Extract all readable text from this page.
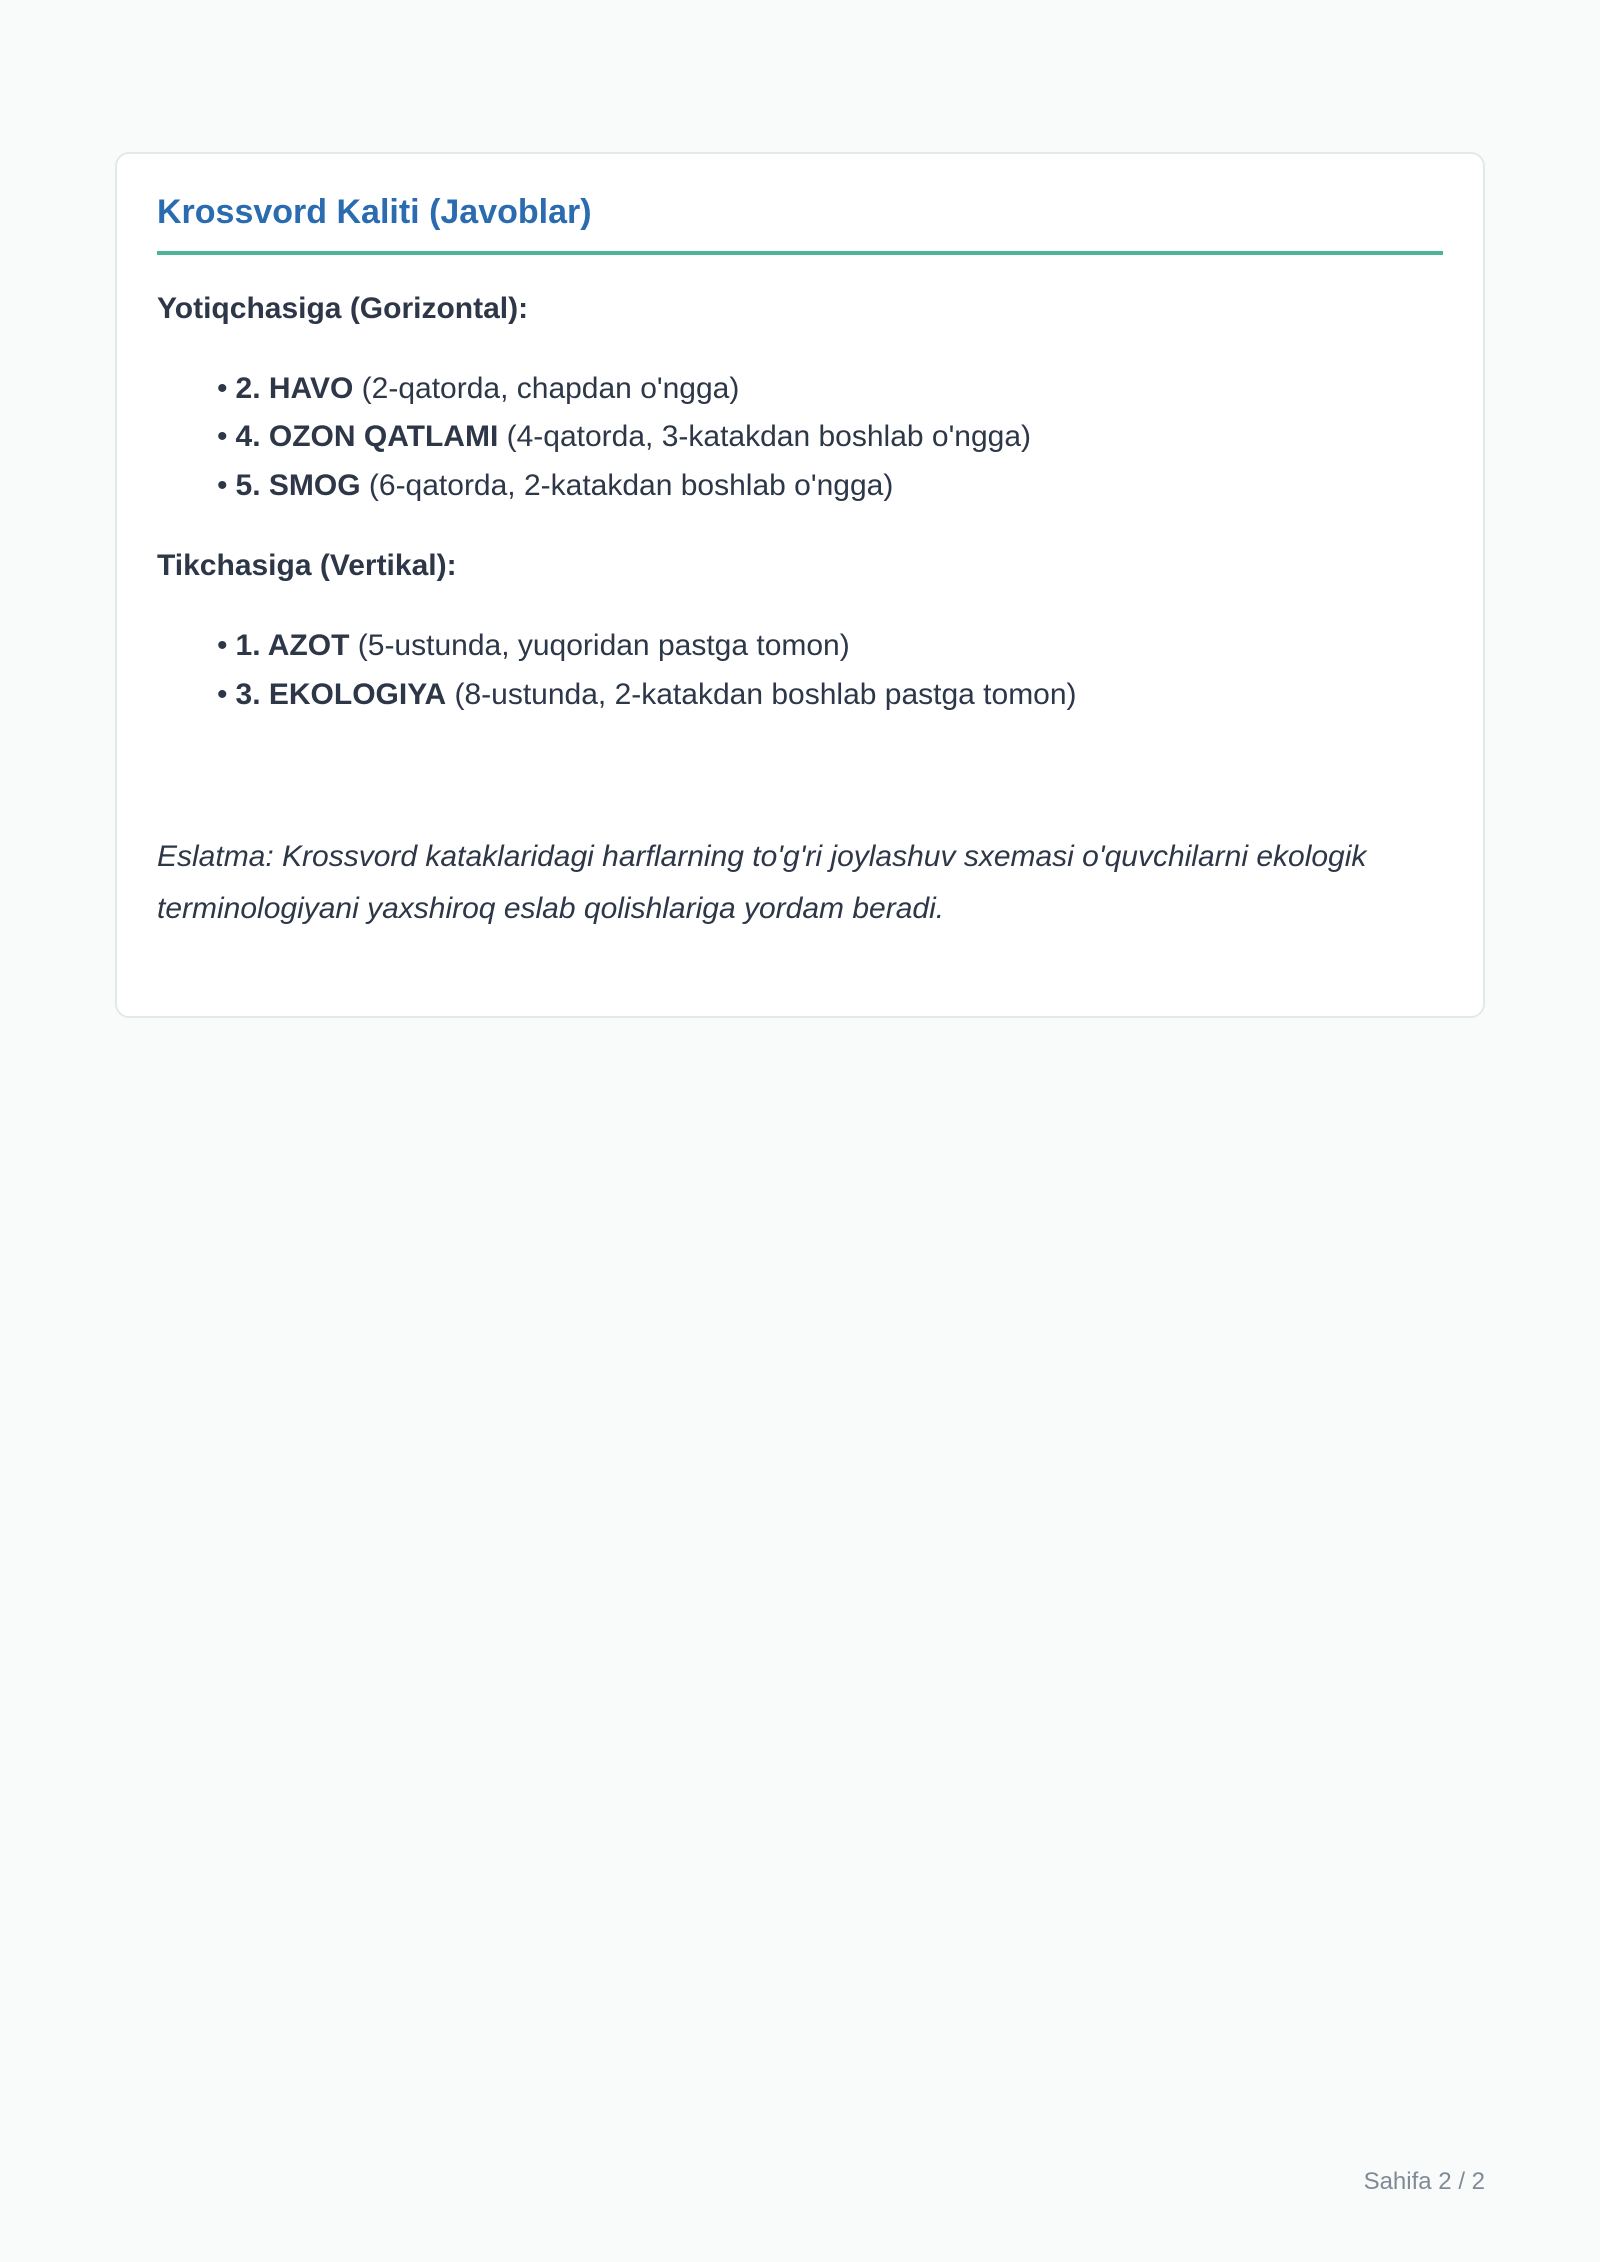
Krossvord Kaliti (Javoblar)
Yotiqchasiga (Gorizontal):
• 2. HAVO (2-qatorda, chapdan o'ngga)
• 4. OZON QATLAMI (4-qatorda, 3-katakdan boshlab o'ngga)
• 5. SMOG (6-qatorda, 2-katakdan boshlab o'ngga)
Tikchasiga (Vertikal):
• 1. AZOT (5-ustunda, yuqoridan pastga tomon)
• 3. EKOLOGIYA (8-ustunda, 2-katakdan boshlab pastga tomon)

Eslatma: Krossvord kataklaridagi harflarning to'g'ri joylashuv sxemasi o'quvchilarni ekologik terminologiyani yaxshiroq eslab qolishlariga yordam beradi.

Sahifa 2 / 2
